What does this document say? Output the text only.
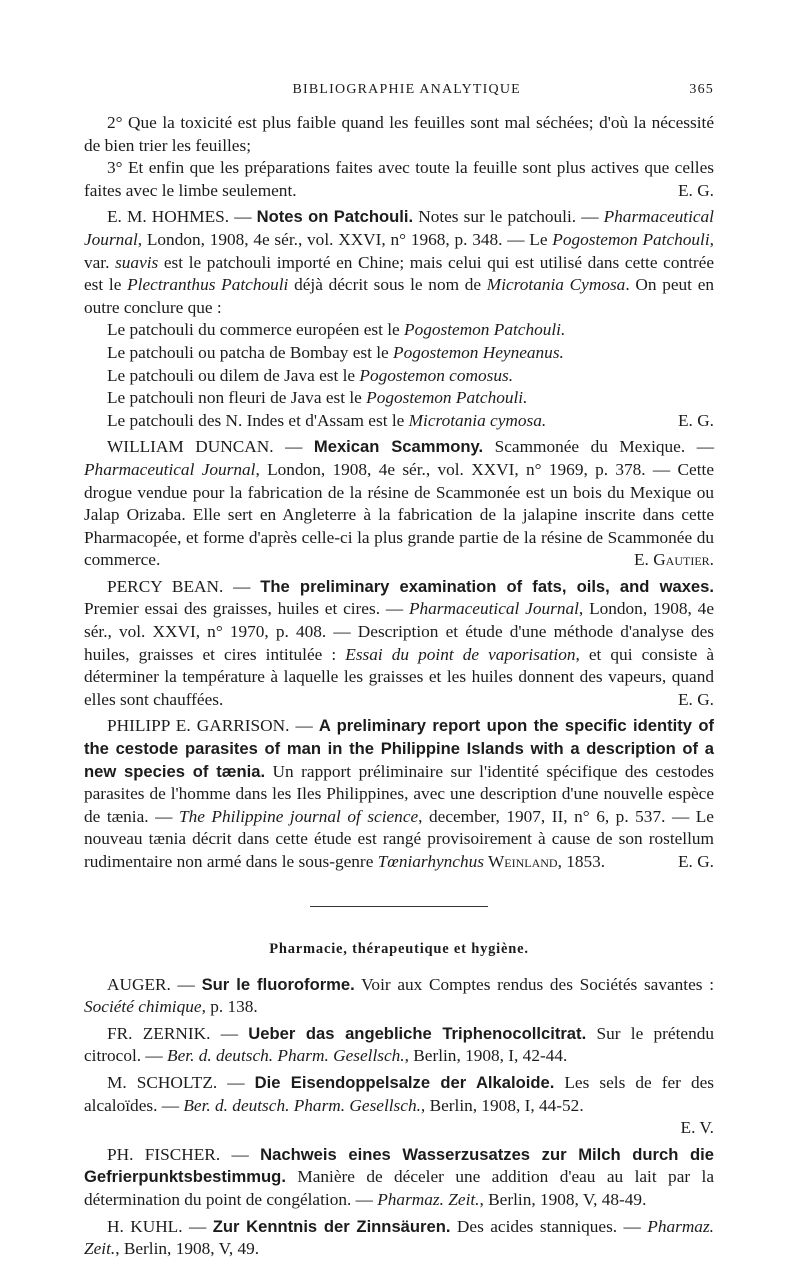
BIBLIOGRAPHIE ANALYTIQUE	365

2° Que la toxicité est plus faible quand les feuilles sont mal séchées; d'où la nécessité de bien trier les feuilles;

3° Et enfin que les préparations faites avec toute la feuille sont plus actives que celles faites avec le limbe seulement.	E. G.

E. M. HOHMES. — Notes on Patchouli. Notes sur le patchouli. — Pharmaceutical Journal, London, 1908, 4e sér., vol. XXVI, n° 1968, p. 348. — Le Pogostemon Patchouli, var. suavis est le patchouli importé en Chine; mais celui qui est utilisé dans cette contrée est le Plectranthus Patchouli déjà décrit sous le nom de Microtania Cymosa. On peut en outre conclure que :
Le patchouli du commerce européen est le Pogostemon Patchouli.
Le patchouli ou patcha de Bombay est le Pogostemon Heyneanus.
Le patchouli ou dilem de Java est le Pogostemon comosus.
Le patchouli non fleuri de Java est le Pogostemon Patchouli.
Le patchouli des N. Indes et d'Assam est le Microtania cymosa.	E. G.

WILLIAM DUNCAN. — Mexican Scammony. Scammonée du Mexique. — Pharmaceutical Journal, London, 1908, 4e sér., vol. XXVI, n° 1969, p. 378. — Cette drogue vendue pour la fabrication de la résine de Scammonée est un bois du Mexique ou Jalap Orizaba. Elle sert en Angleterre à la fabrication de la jalapine inscrite dans cette Pharmacopée, et forme d'après celle-ci la plus grande partie de la résine de Scammonée du commerce.	E. Gautier.

PERCY BEAN. — The preliminary examination of fats, oils, and waxes. Premier essai des graisses, huiles et cires. — Pharmaceutical Journal, London, 1908, 4e sér., vol. XXVI, n° 1970, p. 408. — Description et étude d'une méthode d'analyse des huiles, graisses et cires intitulée : Essai du point de vaporisation, et qui consiste à déterminer la température à laquelle les graisses et les huiles donnent des vapeurs, quand elles sont chauffées.	E. G.

PHILIPP E. GARRISON. — A preliminary report upon the specific identity of the cestode parasites of man in the Philippine Islands with a description of a new species of tænia. Un rapport préliminaire sur l'identité spécifique des cestodes parasites de l'homme dans les Iles Philippines, avec une description d'une nouvelle espèce de tænia. — The Philippine journal of science, december, 1907, II, n° 6, p. 537. — Le nouveau tænia décrit dans cette étude est rangé provisoirement à cause de son rostellum rudimentaire non armé dans le sous-genre Tœniarhynchus Weinland, 1853.	E. G.

Pharmacie, thérapeutique et hygiène.

AUGER. — Sur le fluoroforme. Voir aux Comptes rendus des Sociétés savantes : Société chimique, p. 138.

FR. ZERNIK. — Ueber das angebliche Triphenocollcitrat. Sur le prétendu citrocol. — Ber. d. deutsch. Pharm. Gesellsch., Berlin, 1908, I, 42-44.

M. SCHOLTZ. — Die Eisendoppelsalze der Alkaloide. Les sels de fer des alcaloïdes. — Ber. d. deutsch. Pharm. Gesellsch., Berlin, 1908, I, 44-52.

E. V.

PH. FISCHER. — Nachweis eines Wasserzusatzes zur Milch durch die Gefrierpunktsbestimmug. Manière de déceler une addition d'eau au lait par la détermination du point de congélation. — Pharmaz. Zeit., Berlin, 1908, V, 48-49.

H. KUHL. — Zur Kenntnis der Zinnsäuren. Des acides stanniques. — Pharmaz. Zeit., Berlin, 1908, V, 49.
